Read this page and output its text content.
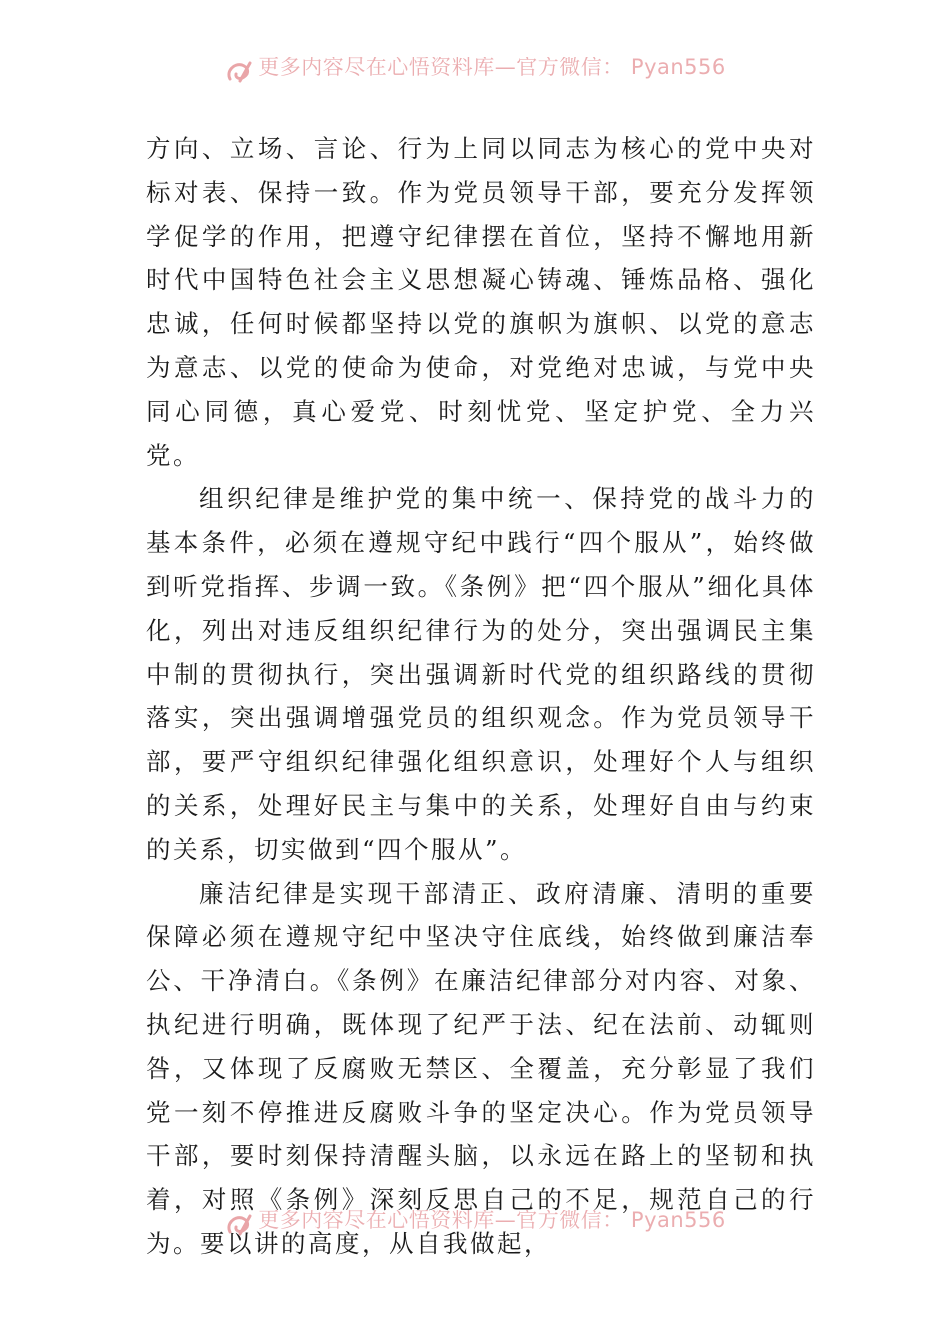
更多内容尽在心悟资料库—官方微信： Pyan556

方向、立场、言论、行为上同以同志为核心的党中央对标对表、保持一致。作为党员领导干部，要充分发挥领学促学的作用，把遵守纪律摆在首位，坚持不懈地用新时代中国特色社会主义思想凝心铸魂、锤炼品格、强化忠诚，任何时候都坚持以党的旗帜为旗帜、以党的意志为意志、以党的使命为使命，对党绝对忠诚，与党中央同心同德，真心爱党、时刻忧党、坚定护党、全力兴党。

组织纪律是维护党的集中统一、保持党的战斗力的基本条件，必须在遵规守纪中践行“四个服从”，始终做到听党指挥、步调一致。《条例》把“四个服从”细化具体化，列出对违反组织纪律行为的处分，突出强调民主集中制的贯彻执行，突出强调新时代党的组织路线的贯彻落实，突出强调增强党员的组织观念。作为党员领导干部，要严守组织纪律强化组织意识，处理好个人与组织的关系，处理好民主与集中的关系，处理好自由与约束的关系，切实做到“四个服从”。

廉洁纪律是实现干部清正、政府清廉、清明的重要保障必须在遵规守纪中坚决守住底线，始终做到廉洁奉公、干净清白。《条例》在廉洁纪律部分对内容、对象、执纪进行明确，既体现了纪严于法、纪在法前、动辄则咎，又体现了反腐败无禁区、全覆盖，充分彰显了我们党一刻不停推进反腐败斗争的坚定决心。作为党员领导干部，要时刻保持清醒头脑，以永远在路上的坚韧和执着，对照《条例》深刻反思自己的不足，规范自己的行为。要以讲的高度，从自我做起，

更多内容尽在心悟资料库—官方微信： Pyan556
